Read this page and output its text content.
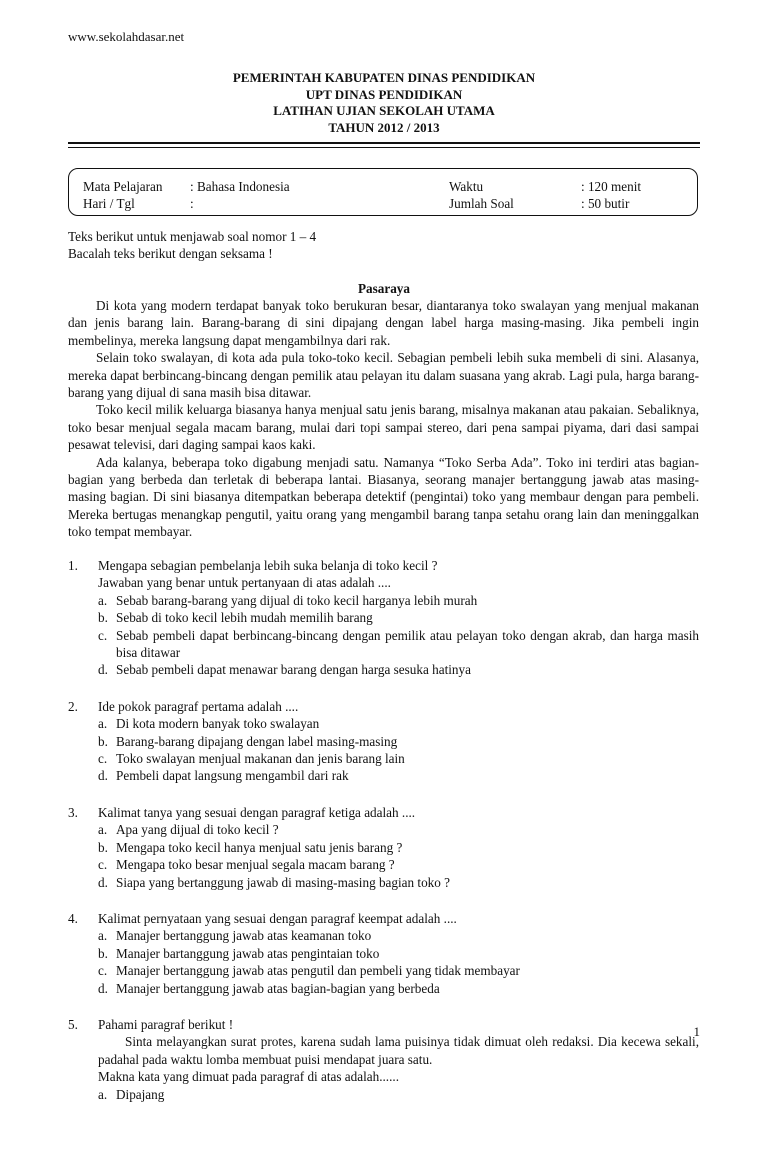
www.sekolahdasar.net
PEMERINTAH KABUPATEN DINAS PENDIDIKAN
UPT DINAS PENDIDIKAN
LATIHAN UJIAN SEKOLAH UTAMA
TAHUN 2012 / 2013
Mata Pelajaran : Bahasa Indonesia	Waktu	: 120 menit
Hari / Tgl	:	Jumlah Soal	: 50 butir
Teks berikut untuk menjawab soal nomor 1 – 4
Bacalah teks berikut dengan seksama !
Pasaraya

Di kota yang modern terdapat banyak toko berukuran besar, diantaranya toko swalayan yang menjual makanan dan jenis barang lain. Barang-barang di sini dipajang dengan label harga masing-masing. Jika pembeli ingin membelinya, mereka langsung dapat mengambilnya dari rak.

Selain toko swalayan, di kota ada pula toko-toko kecil. Sebagian pembeli lebih suka membeli di sini. Alasanya, mereka dapat berbincang-bincang dengan pemilik atau pelayan itu dalam suasana yang akrab. Lagi pula, harga barang-barang yang dijual di sana masih bisa ditawar.

Toko kecil milik keluarga biasanya hanya menjual satu jenis barang, misalnya makanan atau pakaian. Sebaliknya, toko besar menjual segala macam barang, mulai dari topi sampai stereo, dari pena sampai piyama, dari dasi sampai pesawat televisi, dari daging sampai kaos kaki.

Ada kalanya, beberapa toko digabung menjadi satu. Namanya “Toko Serba Ada”. Toko ini terdiri atas bagian-bagian yang berbeda dan terletak di beberapa lantai. Biasanya, seorang manajer bertanggung jawab atas masing-masing bagian. Di sini biasanya ditempatkan beberapa detektif (pengintai) toko yang membaur dengan para pembeli. Mereka bertugas menangkap pengutil, yaitu orang yang mengambil barang tanpa setahu orang lain dan meninggalkan toko tempat membayar.

1. Mengapa sebagian pembelanja lebih suka belanja di toko kecil ?
Jawaban yang benar untuk pertanyaan di atas adalah ....
a. Sebab barang-barang yang dijual di toko kecil harganya lebih murah
b. Sebab di toko kecil lebih mudah memilih barang
c. Sebab pembeli dapat berbincang-bincang dengan pemilik atau pelayan toko dengan akrab, dan harga masih bisa ditawar
d. Sebab pembeli dapat menawar barang dengan harga sesuka hatinya
2. Ide pokok paragraf pertama adalah ....
a. Di kota modern banyak toko swalayan
b. Barang-barang dipajang dengan label masing-masing
c. Toko swalayan menjual makanan dan jenis barang lain
d. Pembeli dapat langsung mengambil dari rak
3. Kalimat tanya yang sesuai dengan paragraf ketiga adalah ....
a. Apa yang dijual di toko kecil ?
b. Mengapa toko kecil hanya menjual satu jenis barang ?
c. Mengapa toko besar menjual segala macam barang ?
d. Siapa yang bertanggung jawab di masing-masing bagian toko ?
4. Kalimat pernyataan yang sesuai dengan paragraf keempat adalah ....
a. Manajer bertanggung jawab atas keamanan toko
b. Manajer bartanggung jawab atas pengintaian toko
c. Manajer bertanggung jawab atas pengutil dan pembeli yang tidak membayar
d. Manajer bertanggung jawab atas bagian-bagian yang berbeda
5. Pahami paragraf berikut !
Sinta melayangkan surat protes, karena sudah lama puisinya tidak dimuat oleh redaksi. Dia kecewa sekali, padahal pada waktu lomba membuat puisi mendapat juara satu.
Makna kata yang dimuat pada paragraf di atas adalah......
a. Dipajang
1
